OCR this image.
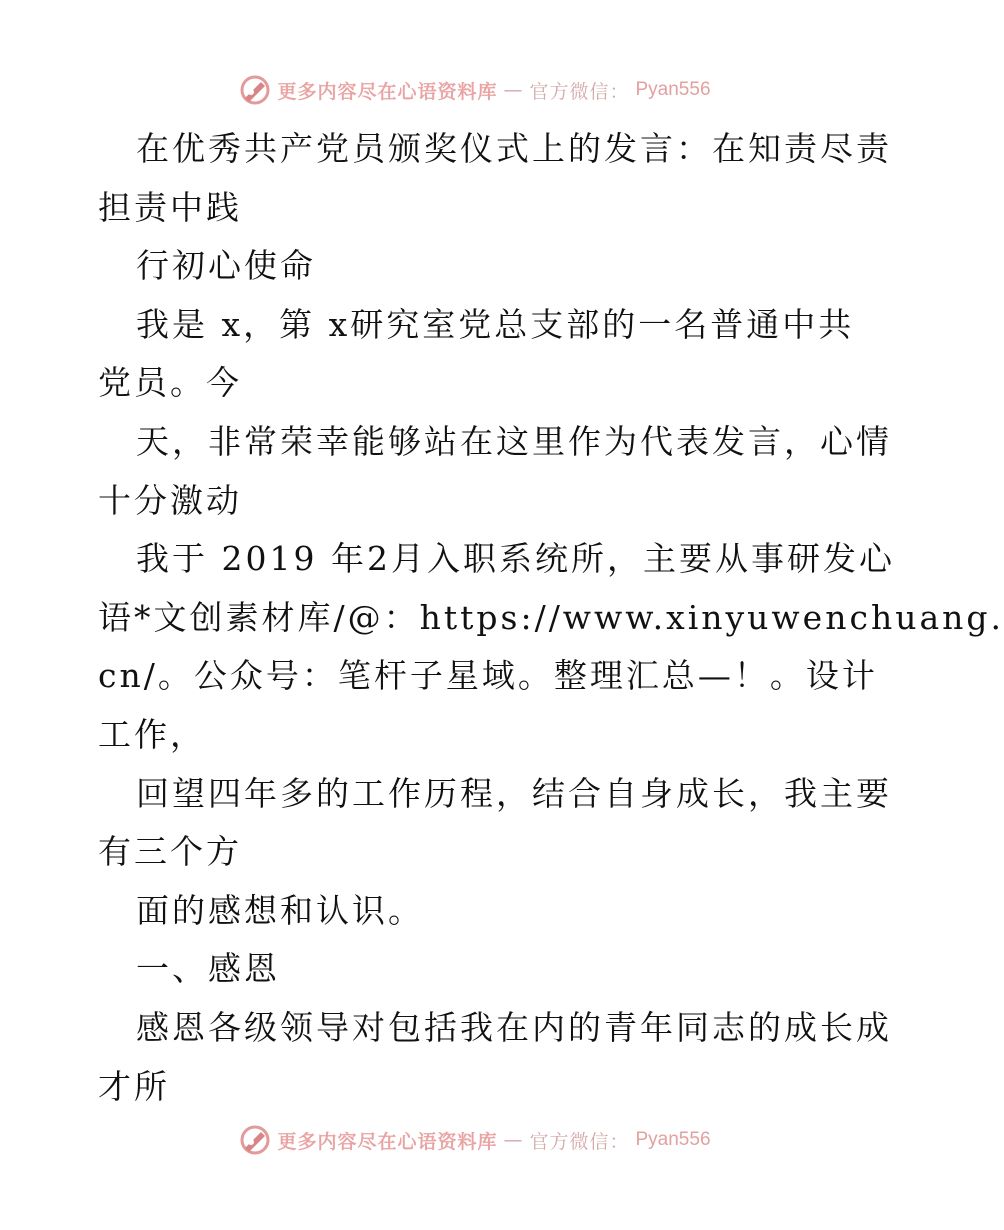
更多内容尽在心语资料库 — 官方微信： Pyan556
在优秀共产党员颁奖仪式上的发言：在知责尽责
担责中践
行初心使命
我是 x，第 x研究室党总支部的一名普通中共
党员。今
天，非常荣幸能够站在这里作为代表发言，心情
十分激动
我于 2019 年2月入职系统所，主要从事研发心
语*文创素材库/@：https://www.xinyuwenchuang.
cn/。公众号：笔杆子星域。整理汇总—！。设计
工作，
回望四年多的工作历程，结合自身成长，我主要
有三个方
面的感想和认识。
一、感恩
感恩各级领导对包括我在内的青年同志的成长成
才所
更多内容尽在心语资料库 — 官方微信： Pyan556
